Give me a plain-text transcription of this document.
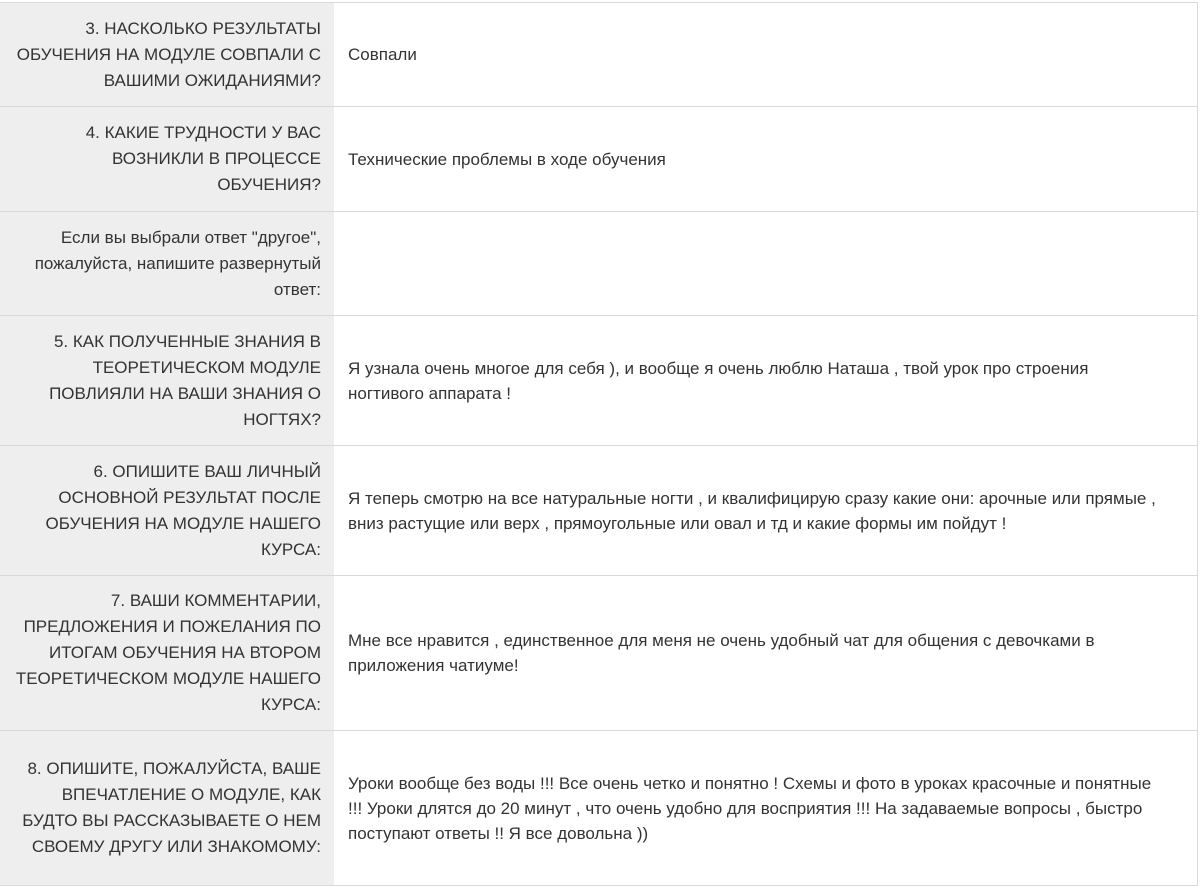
3. НАСКОЛЬКО РЕЗУЛЬТАТЫ ОБУЧЕНИЯ НА МОДУЛЕ СОВПАЛИ С ВАШИМИ ОЖИДАНИЯМИ?
Совпали
4. КАКИЕ ТРУДНОСТИ У ВАС ВОЗНИКЛИ В ПРОЦЕССЕ ОБУЧЕНИЯ?
Технические проблемы в ходе обучения
Если вы выбрали ответ "другое", пожалуйста, напишите развернутый ответ:
5. КАК ПОЛУЧЕННЫЕ ЗНАНИЯ В ТЕОРЕТИЧЕСКОМ МОДУЛЕ ПОВЛИЯЛИ НА ВАШИ ЗНАНИЯ О НОГТЯХ?
Я узнала очень многое для себя ), и вообще я очень люблю Наташа , твой урок про строения ногтивого аппарата !
6. ОПИШИТЕ ВАШ ЛИЧНЫЙ ОСНОВНОЙ РЕЗУЛЬТАТ ПОСЛЕ ОБУЧЕНИЯ НА МОДУЛЕ НАШЕГО КУРСА:
Я теперь смотрю на все натуральные ногти , и квалифицирую сразу какие они: арочные или прямые , вниз растущие или верх , прямоугольные или овал и тд и какие формы им пойдут !
7. ВАШИ КОММЕНТАРИИ, ПРЕДЛОЖЕНИЯ И ПОЖЕЛАНИЯ ПО ИТОГАМ ОБУЧЕНИЯ НА ВТОРОМ ТЕОРЕТИЧЕСКОМ МОДУЛЕ НАШЕГО КУРСА:
Мне все нравится , единственное для меня не очень удобный чат для общения с девочками в приложения чатиуме!
8. ОПИШИТЕ, ПОЖАЛУЙСТА, ВАШЕ ВПЕЧАТЛЕНИЕ О МОДУЛЕ, КАК БУДТО ВЫ РАССКАЗЫВАЕТЕ О НЕМ СВОЕМУ ДРУГУ ИЛИ ЗНАКОМОМУ:
Уроки вообще без воды !!! Все очень четко и понятно ! Схемы и фото в уроках красочные и понятные !!! Уроки длятся до 20 минут , что очень удобно для восприятия !!! На задаваемые вопросы , быстро поступают ответы !! Я все довольна ))
